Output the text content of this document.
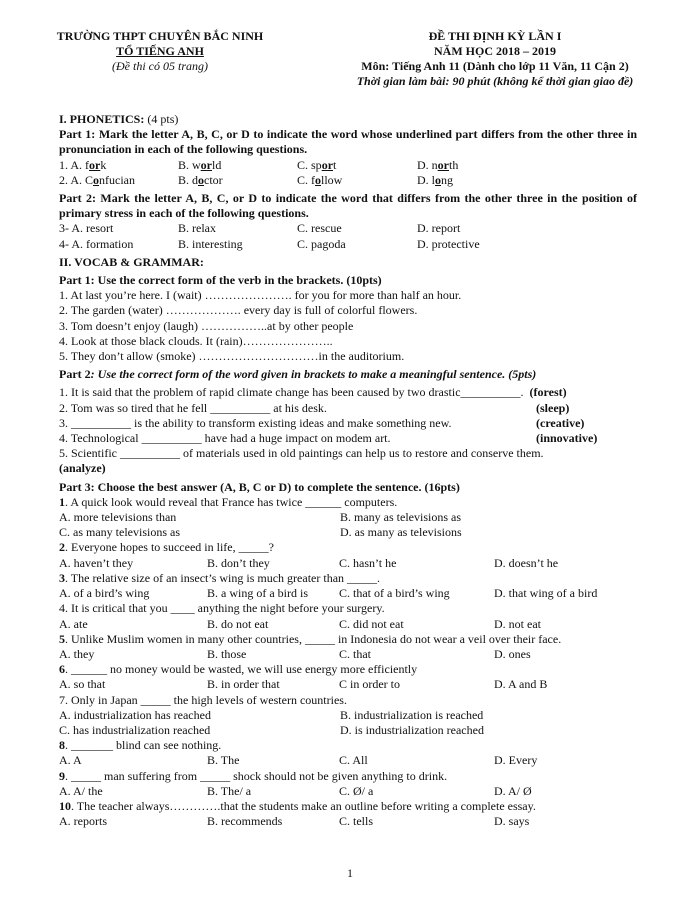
TRƯỜNG THPT CHUYÊN BẮC NINH
TỔ TIẾNG ANH
(Đề thi có 05 trang)
ĐỀ THI ĐỊNH KỲ LẦN I
NĂM HỌC 2018 – 2019
Môn: Tiếng Anh 11 (Dành cho lớp 11 Văn, 11 Cận 2)
Thời gian làm bài: 90 phút (không kể thời gian giao đề)
I. PHONETICS: (4 pts)
Part 1: Mark the letter A, B, C, or D to indicate the word whose underlined part differs from the other three in pronunciation in each of the following questions.
1. A. fork	B. world	C. sport	D. north
2. A. Confucian	B. doctor	C. follow	D. long
Part 2: Mark the letter A, B, C, or D to indicate the word that differs from the other three in the position of primary stress in each of the following questions.
3- A. resort	B. relax	C. rescue	D. report
4- A. formation	B. interesting	C. pagoda	D. protective
II. VOCAB & GRAMMAR:
Part 1: Use the correct form of the verb in the brackets. (10pts)
1. At last you’re here. I (wait) …………………. for you for more than half an hour.
2. The garden (water) ………………. every day is full of colorful flowers.
3. Tom doesn’t enjoy (laugh) ……………..at by other people
4. Look at those black clouds. It (rain)…………………..
5. They don’t allow (smoke) …………………………in the auditorium.
Part 2: Use the correct form of the word given in brackets to make a meaningful sentence. (5pts)
1. It is said that the problem of rapid climate change has been caused by two drastic__________. (forest)
2. Tom was so tired that he fell __________ at his desk.	(sleep)
3. __________ is the ability to transform existing ideas and make something new.	(creative)
4. Technological __________ have had a huge impact on modem art.	(innovative)
5. Scientific __________ of materials used in old paintings can help us to restore and conserve them.
(analyze)
Part 3: Choose the best answer (A, B, C or D) to complete the sentence. (16pts)
1 . A quick look would reveal that France has twice ______ computers.
A. more televisions than	B. many as televisions as
C. as many televisions as	D. as many as televisions
2 . Everyone hopes to succeed in life, _____?
A. haven’t they	B. don’t they	C. hasn’t he	D. doesn’t he
3 . The relative size of an insect’s wing is much greater than _____.
A. of a bird’s wing	B. a wing of a bird is	C. that of a bird’s wing	D. that wing of a bird
4 . It is critical that you ____ anything the night before your surgery.
A. ate	B. do not eat	C. did not eat	D. not eat
5 . Unlike Muslim women in many other countries, _____ in Indonesia do not wear a veil over their face.
A. they	B. those	C. that	D. ones
6 . ______ no money would be wasted, we will use energy more efficiently
A. so that	B. in order that	C in order to	D. A and B
7 . Only in Japan _____ the high levels of western countries.
A. industrialization has reached	B. industrialization is reached
C. has industrialization reached	D. is industrialization reached
8 . _______ blind can see nothing.
A. A	B. The	C. All	D. Every
9 . _____ man suffering from _____ shock should not be given anything to drink.
A. A/ the	B. The/ a	C. Ø/ a	D. A/ Ø
10 . The teacher always………….that the students make an outline before writing a complete essay.
A. reports	B. recommends	C. tells	D. says
1
